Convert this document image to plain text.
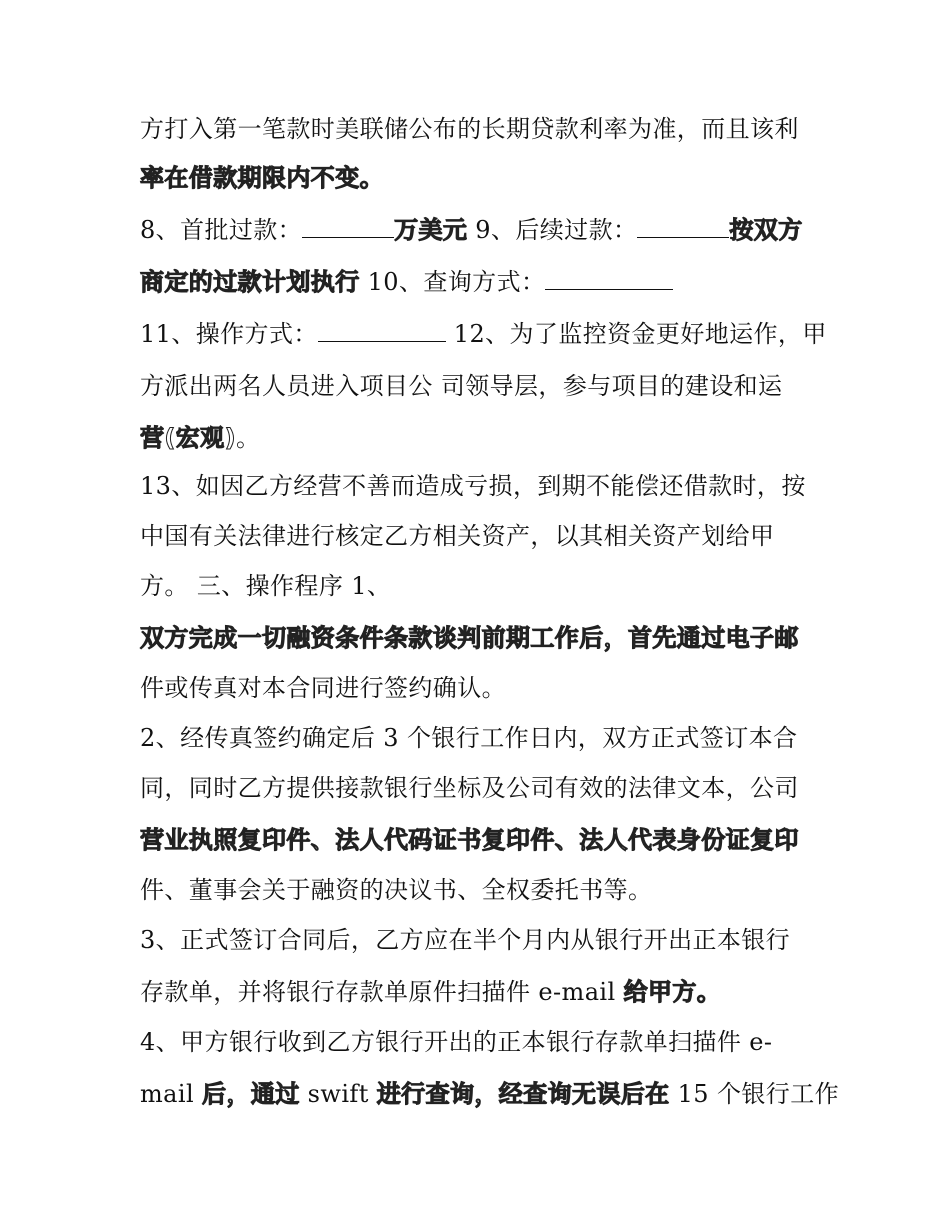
方打入第一笔款时美联储公布的长期贷款利率为准，而且该利
率在借款期限内不变。
8、首批过款：	万美元 9、后续过款：	按双方
商定的过款计划执行 10、查询方式：
11、操作方式：	12、为了监控资金更好地运作，甲
方派出两名人员进入项目公 司领导层，参与项目的建设和运
营(宏观)。
13、如因乙方经营不善而造成亏损，到期不能偿还借款时，按
中国有关法律进行核定乙方相关资产，以其相关资产划给甲
方。 三、操作程序 1、
双方完成一切融资条件条款谈判前期工作后，首先通过电子邮
件或传真对本合同进行签约确认。
2、经传真签约确定后 3 个银行工作日内，双方正式签订本合
同，同时乙方提供接款银行坐标及公司有效的法律文本，公司
营业执照复印件、法人代码证书复印件、法人代表身份证复印
件、董事会关于融资的决议书、全权委托书等。
3、正式签订合同后，乙方应在半个月内从银行开出正本银行
存款单，并将银行存款单原件扫描件 e-mail 给甲方。
4、甲方银行收到乙方银行开出的正本银行存款单扫描件 e-
mail 后，通过 swift 进行查询，经查询无误后在 15 个银行工作
